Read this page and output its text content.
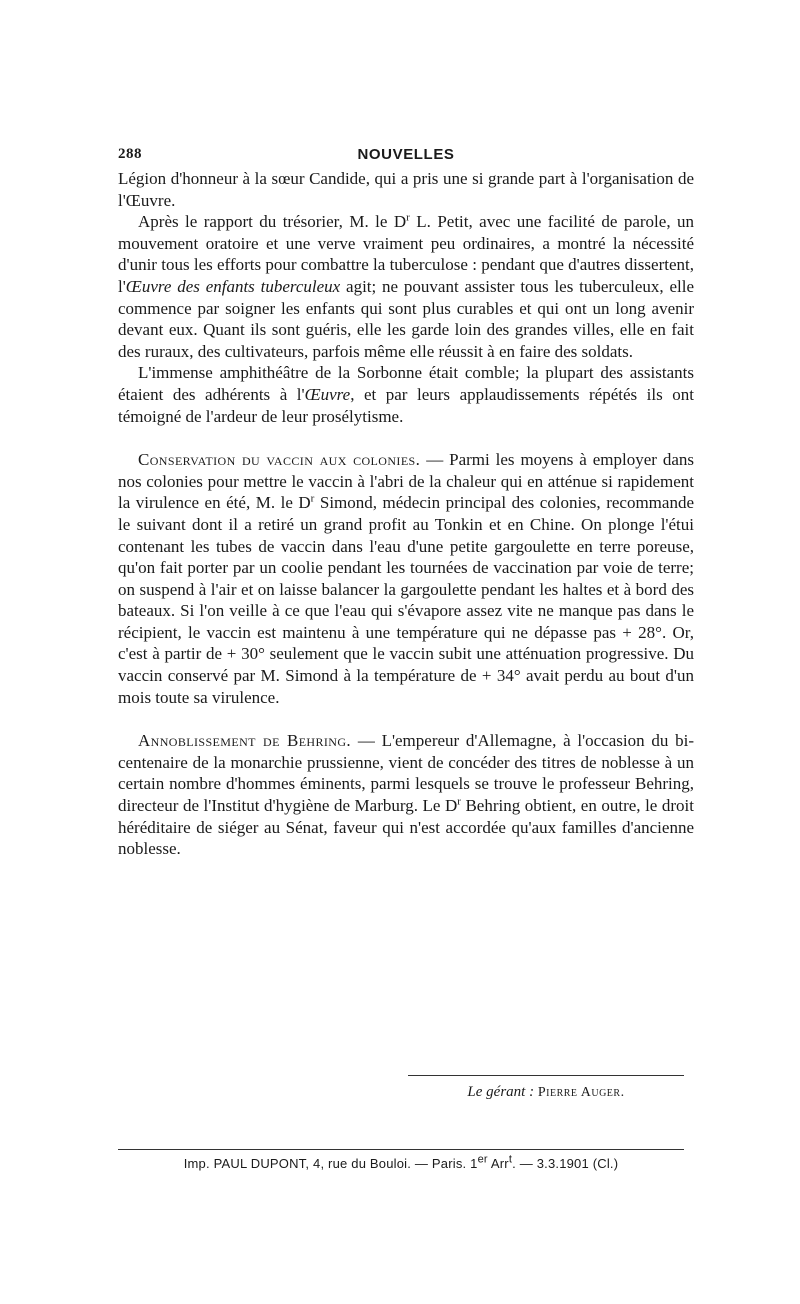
288	NOUVELLES

Légion d'honneur à la sœur Candide, qui a pris une si grande part à l'organisation de l'Œuvre.

Après le rapport du trésorier, M. le $D^r$ L. Petit, avec une facilité de parole, un mouvement oratoire et une verve vraiment peu ordinaires, a montré la nécessité d'unir tous les efforts pour combattre la tuberculose : pendant que d'autres dissertent, l'Œuvre des enfants tuberculeux agit; ne pouvant assister tous les tuberculeux, elle commence par soigner les enfants qui sont plus curables et qui ont un long avenir devant eux. Quant ils sont guéris, elle les garde loin des grandes villes, elle en fait des ruraux, des cultivateurs, parfois même elle réussit à en faire des soldats.

L'immense amphithéâtre de la Sorbonne était comble; la plupart des assistants étaient des adhérents à l'Œuvre, et par leurs applaudissements répétés ils ont témoigné de l'ardeur de leur prosélytisme.

Conservation du vaccin aux colonies. — Parmi les moyens à employer dans nos colonies pour mettre le vaccin à l'abri de la chaleur qui en atténue si rapidement la virulence en été, M. le $D^r$ Simond, médecin principal des colonies, recommande le suivant dont il a retiré un grand profit au Tonkin et en Chine. On plonge l'étui contenant les tubes de vaccin dans l'eau d'une petite gargoulette en terre poreuse, qu'on fait porter par un coolie pendant les tournées de vaccination par voie de terre; on suspend à l'air et on laisse balancer la gargoulette pendant les haltes et à bord des bateaux. Si l'on veille à ce que l'eau qui s'évapore assez vite ne manque pas dans le récipient, le vaccin est maintenu à une température qui ne dépasse pas + 28°. Or, c'est à partir de + 30° seulement que le vaccin subit une atténuation progressive. Du vaccin conservé par M. Simond à la température de + 34° avait perdu au bout d'un mois toute sa virulence.

Annoblissement de Behring. — L'empereur d'Allemagne, à l'occasion du bi-centenaire de la monarchie prussienne, vient de concéder des titres de noblesse à un certain nombre d'hommes éminents, parmi lesquels se trouve le professeur Behring, directeur de l'Institut d'hygiène de Marburg. Le $D^r$ Behring obtient, en outre, le droit héréditaire de siéger au Sénat, faveur qui n'est accordée qu'aux familles d'ancienne noblesse.

Le gérant : Pierre Auger.
Imp. PAUL DUPONT, 4, rue du Bouloi. — Paris. 1er Arr$^t$. — 3.3.1901 (Cl.)
